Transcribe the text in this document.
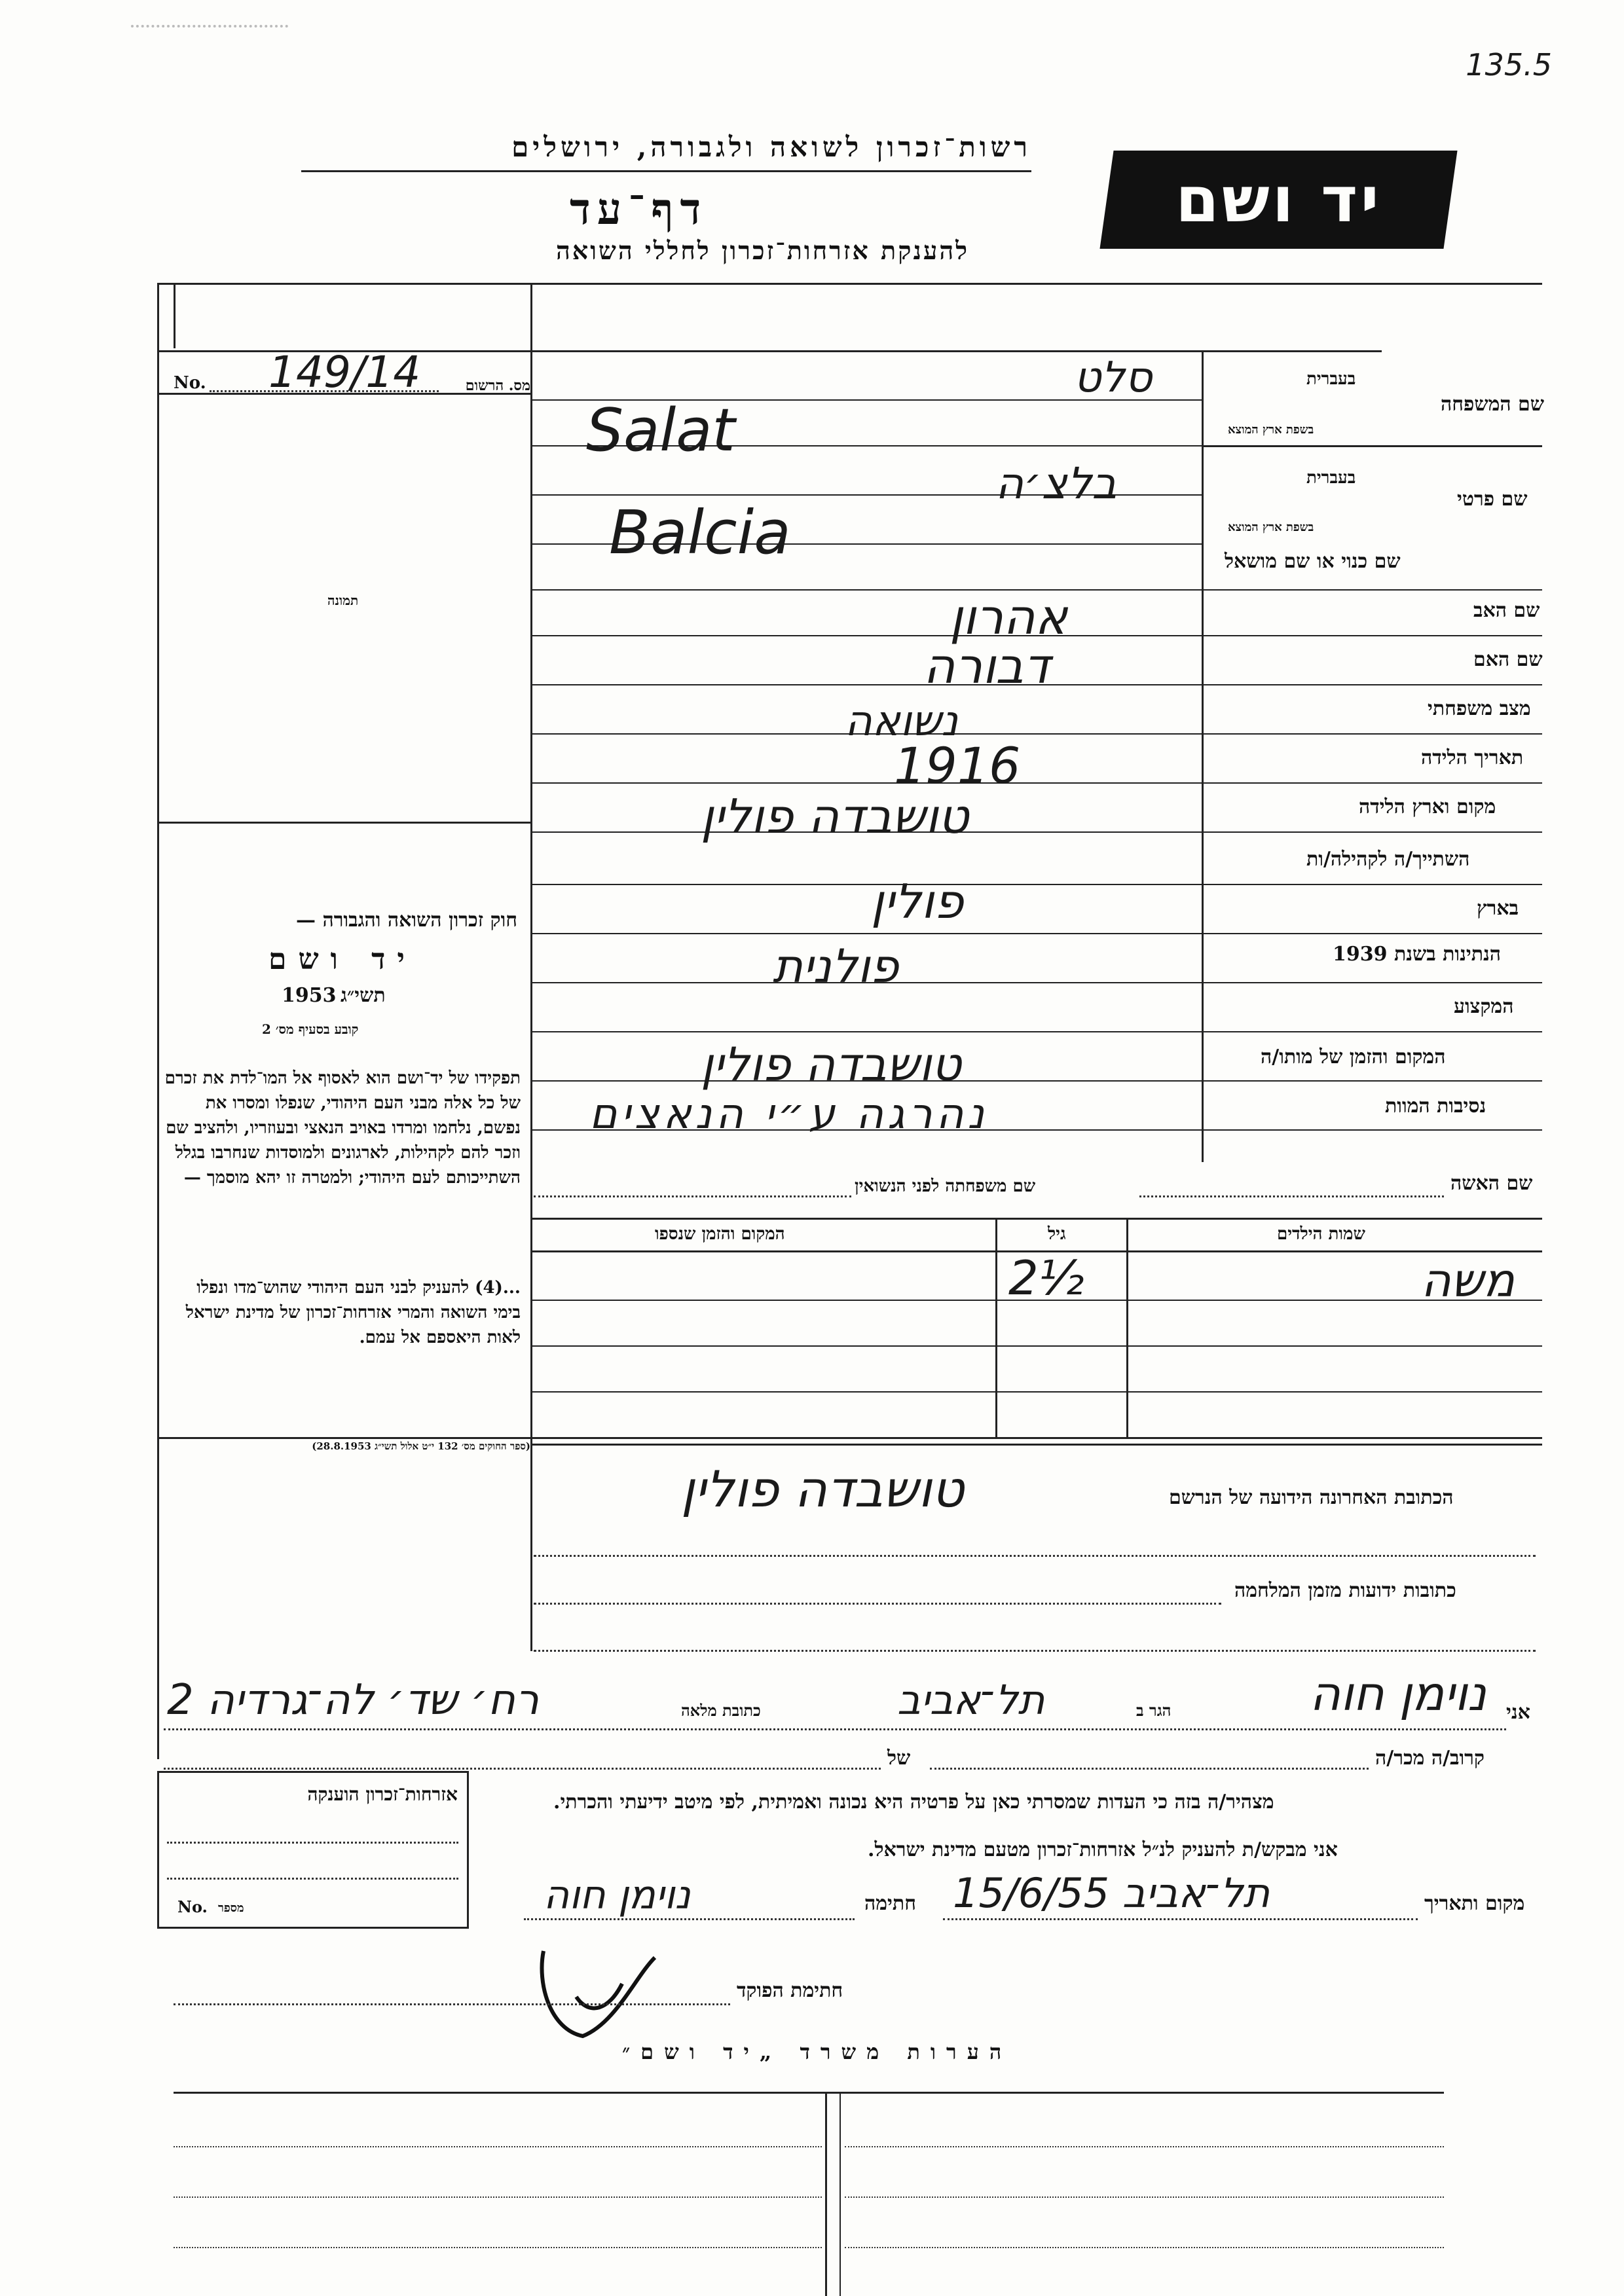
135.5
רשות־זכרון לשואה ולגבורה, ירושלים
דף־עד
להענקת אזרחות־זכרון לחללי השואה
יד ושם
No. 149/14	מס. הרשום
תמונה
חוק זכרון השואה והגבורה —
יד ושם
1953 תשי״ג
קובע בסעיף מס׳ 2
תפקידו של יד־ושם הוא לאסוף אל המו־לדת את זכרם של כל אלה מבני העם היהודי, שנפלו ומסרו את נפשם, נלחמו ומרדו באויב הנאצי ובעוזריו, ולהציב שם וזכר להם לקהילות, לארגונים ולמוסדות שנחרבו בגלל השתייכותם לעם היהודי; ולמטרה זו יהא מוסמך —
...(4) להעניק לבני העם היהודי שהוש־מדו ונפלו בימי השואה והמרי אזרחות־זכרון של מדינת ישראל לאות היאספם אל עמם.
(ספר החוקים מס׳ 132 י״ט אלול תשי״ג 28.8.1953)
בעברית
שם המשפחה
בשפת ארץ המוצא
בעברית
שם פרטי
בשפת ארץ המוצא
שם כנוי או שם מושאל
שם האב
שם האם
מצב משפחתי
תאריך הלידה
מקום וארץ הלידה
השתייך/ה לקהילה/ות
בארץ
הנתינות בשנת 1939
המקצוע
המקום והזמן של מותו/ה
נסיבות המוות
סלט
Salat
בלצ׳ה
Balcia
אהרון
דבורה
נשואה
1916
טושבדה פולין
פולין
פולנית
טושבדה פולין
נהרגה ע״י הנאצים
שם האשה
שם משפחתה לפני הנשואין
שמות הילדים
גיל
המקום והזמן שנספו
משה
2½
הכתובת האחרונה הידועה של הנרשם
טושבדה פולין
כתובות ידועות מזמן המלחמה
אני
נוימן חוה
הגר ב
תל־אביב
כתובת מלאה
רח׳ שד׳ לה־גרדיה 2
קרוב/ה מכר/ה
של
מצהיר/ה בזה כי העדות שמסרתי כאן על פרטיה היא נכונה ואמיתית, לפי מיטב ידיעתי והכרתי.
אני מבקש/ת להעניק לנ״ל אזרחות־זכרון מטעם מדינת ישראל.
מקום ותאריך
תל־אביב 15/6/55
חתימה
נוימן חוה
חתימת הפוקד
אזרחות־זכרון הוענקה
No. מספר
הערות משרד „יד ושם״
